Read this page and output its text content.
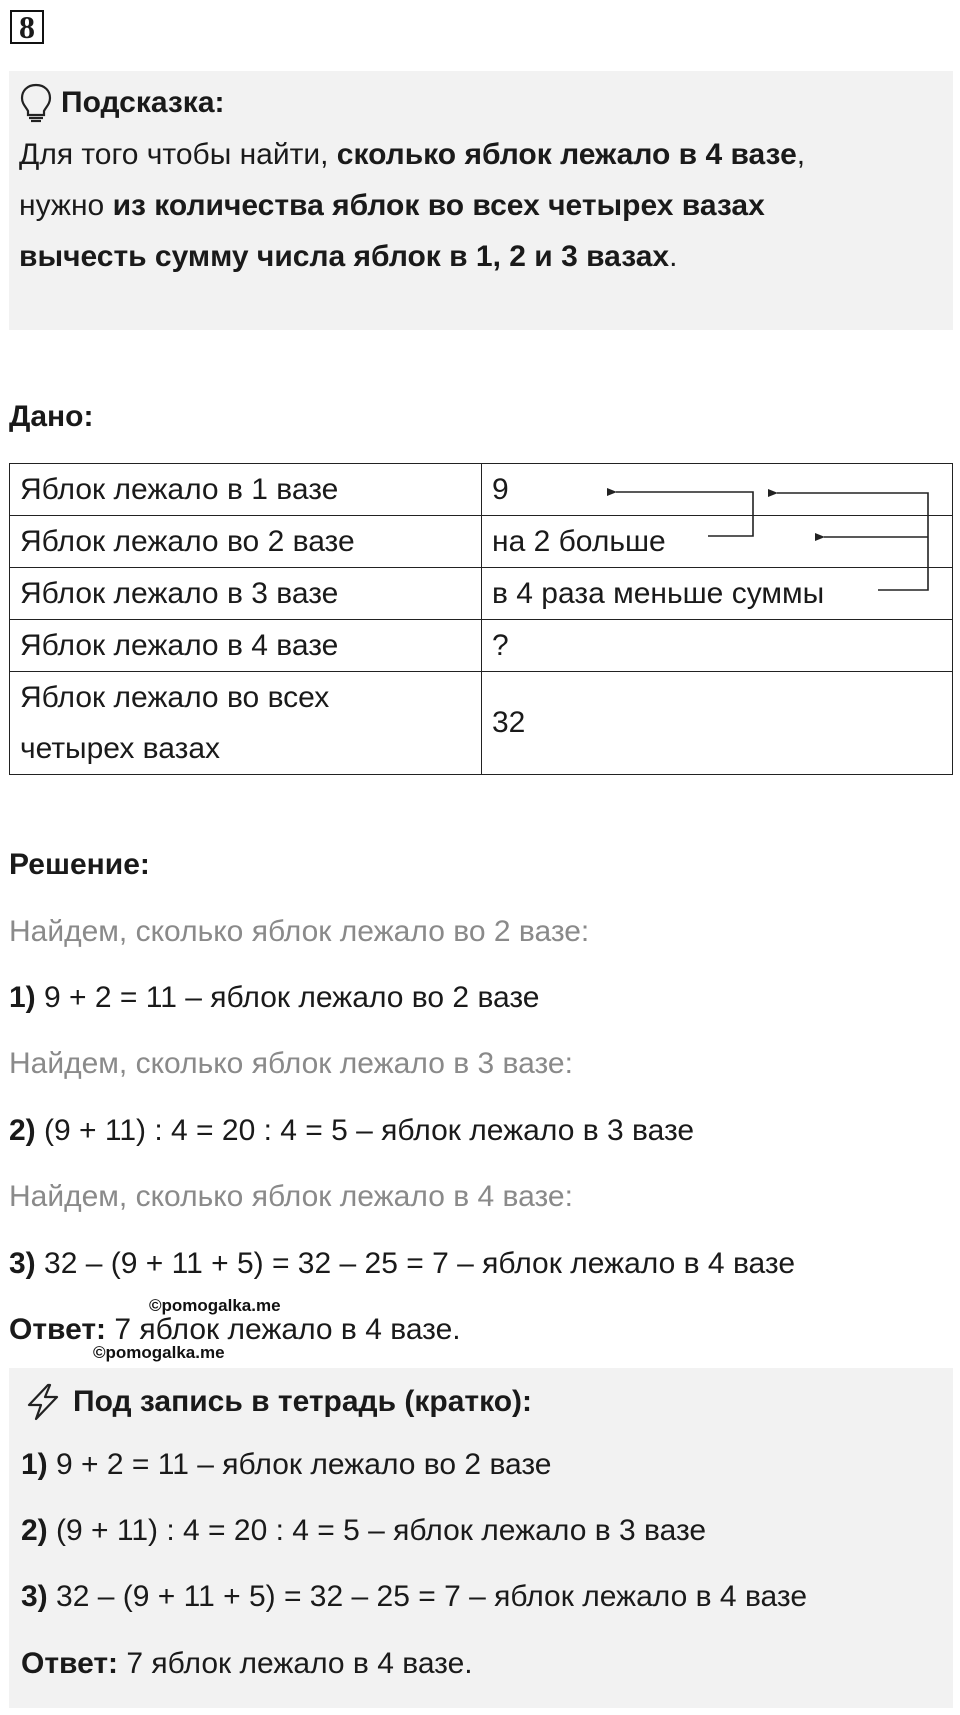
8
Подсказка:
Для того чтобы найти, сколько яблок лежало в 4 вазе,
нужно из количества яблок во всех четырех вазах
вычесть сумму числа яблок в 1, 2 и 3 вазах.
Дано:
Яблок лежало в 1 вазе	9
Яблок лежало во 2 вазе	на 2 больше
Яблок лежало в 3 вазе	в 4 раза меньше суммы
Яблок лежало в 4 вазе	?

Яблок лежало во всех
четырех вазах	32
Решение:
Найдем, сколько яблок лежало во 2 вазе:
1) 9 + 2 = 11 – яблок лежало во 2 вазе
Найдем, сколько яблок лежало в 3 вазе:
2) (9 + 11) : 4 = 20 : 4 = 5 – яблок лежало в 3 вазе
Найдем, сколько яблок лежало в 4 вазе:
3) 32 – (9 + 11 + 5) = 32 – 25 = 7 – яблок лежало в 4 вазе
Ответ: 7 яблок лежало в 4 вазе.
©pomogalka.me
©pomogalka.me
Под запись в тетрадь (кратко):
1) 9 + 2 = 11 – яблок лежало во 2 вазе
2) (9 + 11) : 4 = 20 : 4 = 5 – яблок лежало в 3 вазе
3) 32 – (9 + 11 + 5) = 32 – 25 = 7 – яблок лежало в 4 вазе
Ответ: 7 яблок лежало в 4 вазе.
